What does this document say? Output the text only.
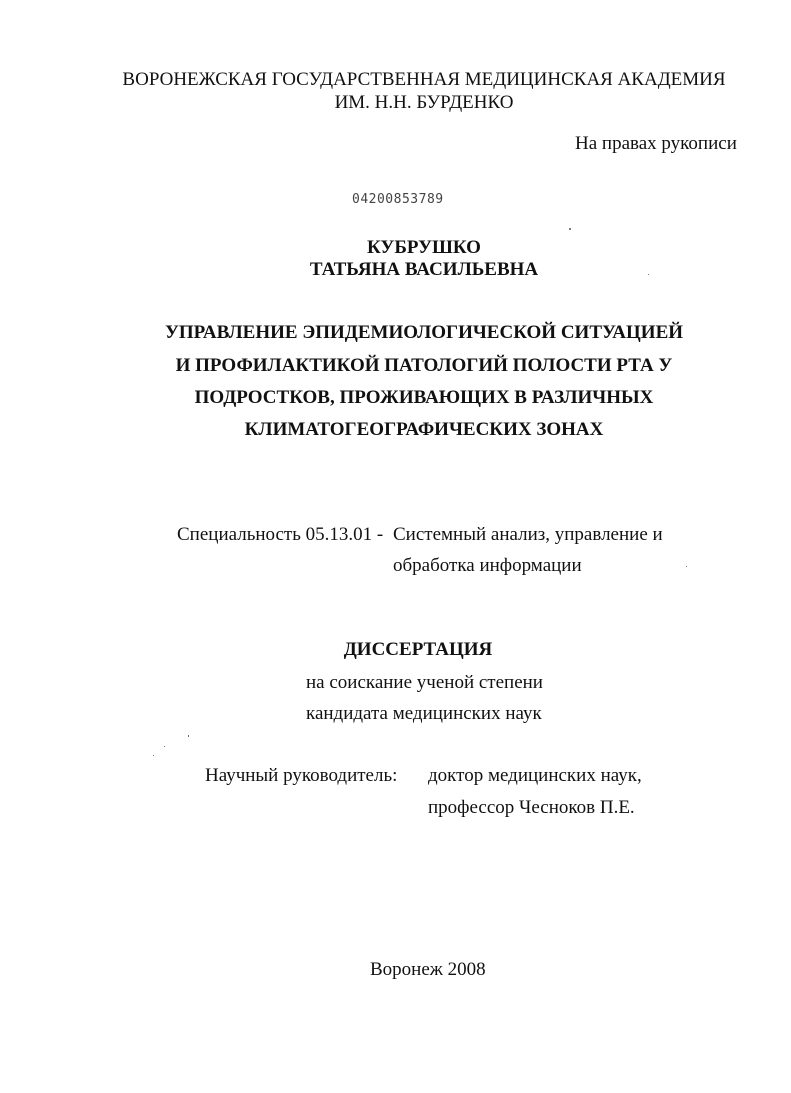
ВОРОНЕЖСКАЯ ГОСУДАРСТВЕННАЯ МЕДИЦИНСКАЯ АКАДЕМИЯ
ИМ. Н.Н. БУРДЕНКО
На правах рукописи
04200853789
КУБРУШКО
ТАТЬЯНА ВАСИЛЬЕВНА
УПРАВЛЕНИЕ ЭПИДЕМИОЛОГИЧЕСКОЙ СИТУАЦИЕЙ
И ПРОФИЛАКТИКОЙ ПАТОЛОГИЙ ПОЛОСТИ РТА У
ПОДРОСТКОВ, ПРОЖИВАЮЩИХ В РАЗЛИЧНЫХ
КЛИМАТОГЕОГРАФИЧЕСКИХ ЗОНАХ
Специальность 05.13.01 - Системный анализ, управление и
обработка информации
ДИССЕРТАЦИЯ
на соискание ученой степени
кандидата медицинских наук
Научный руководитель: доктор медицинских наук,
профессор Чесноков П.Е.
Воронеж 2008
